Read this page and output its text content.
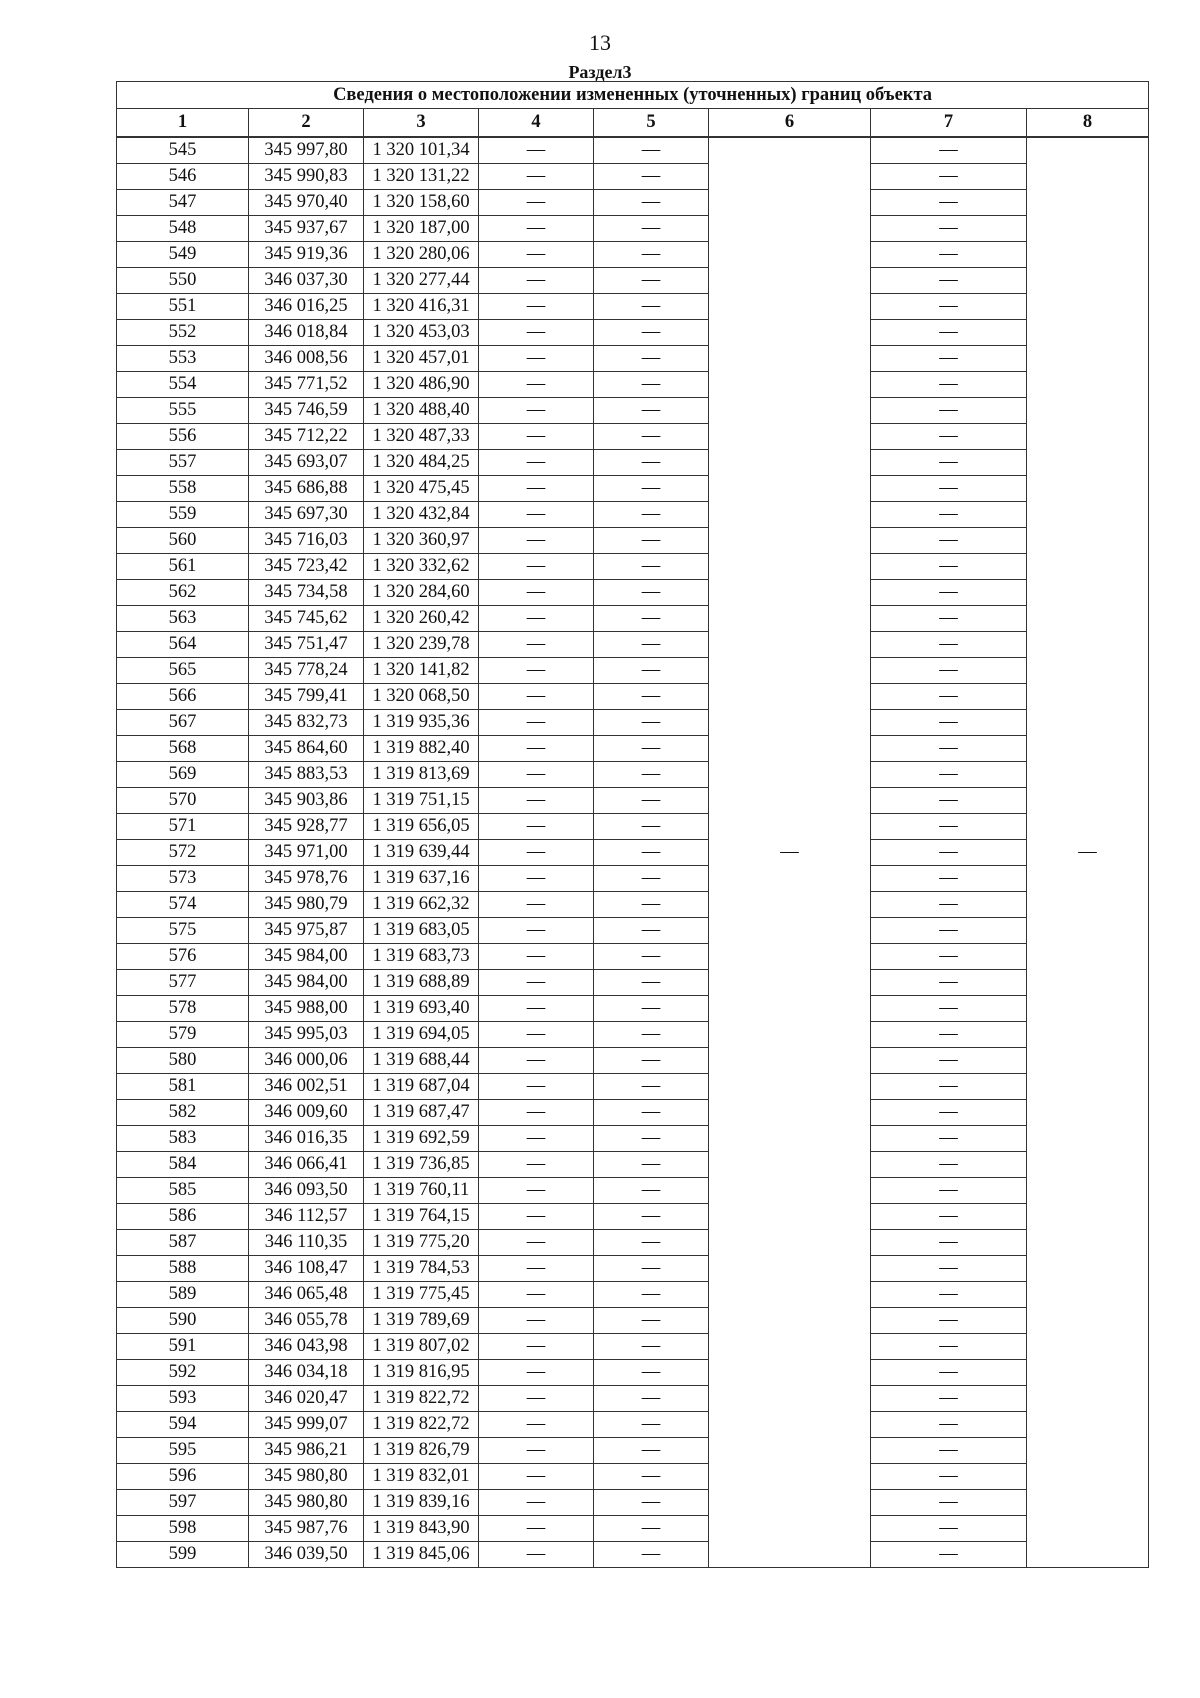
13
Раздел3
Сведения о местоположении измененных (уточненных) границ объекта							
1	2	3	4	5	6	7	8
545	345 997,80	1 320 101,34	—	—	—	—	—
546	345 990,83	1 320 131,22	—	—		—	
547	345 970,40	1 320 158,60	—	—		—	
548	345 937,67	1 320 187,00	—	—		—	
549	345 919,36	1 320 280,06	—	—		—	
550	346 037,30	1 320 277,44	—	—		—	
551	346 016,25	1 320 416,31	—	—		—	
552	346 018,84	1 320 453,03	—	—		—	
553	346 008,56	1 320 457,01	—	—		—	
554	345 771,52	1 320 486,90	—	—		—	
555	345 746,59	1 320 488,40	—	—		—	
556	345 712,22	1 320 487,33	—	—		—	
557	345 693,07	1 320 484,25	—	—		—	
558	345 686,88	1 320 475,45	—	—		—	
559	345 697,30	1 320 432,84	—	—		—	
560	345 716,03	1 320 360,97	—	—		—	
561	345 723,42	1 320 332,62	—	—		—	
562	345 734,58	1 320 284,60	—	—		—	
563	345 745,62	1 320 260,42	—	—		—	
564	345 751,47	1 320 239,78	—	—		—	
565	345 778,24	1 320 141,82	—	—		—	
566	345 799,41	1 320 068,50	—	—		—	
567	345 832,73	1 319 935,36	—	—		—	
568	345 864,60	1 319 882,40	—	—		—	
569	345 883,53	1 319 813,69	—	—		—	
570	345 903,86	1 319 751,15	—	—		—	
571	345 928,77	1 319 656,05	—	—		—	
572	345 971,00	1 319 639,44	—	—		—	
573	345 978,76	1 319 637,16	—	—		—	
574	345 980,79	1 319 662,32	—	—		—	
575	345 975,87	1 319 683,05	—	—		—	
576	345 984,00	1 319 683,73	—	—		—	
577	345 984,00	1 319 688,89	—	—		—	
578	345 988,00	1 319 693,40	—	—		—	
579	345 995,03	1 319 694,05	—	—		—	
580	346 000,06	1 319 688,44	—	—		—	
581	346 002,51	1 319 687,04	—	—		—	
582	346 009,60	1 319 687,47	—	—		—	
583	346 016,35	1 319 692,59	—	—		—	
584	346 066,41	1 319 736,85	—	—		—	
585	346 093,50	1 319 760,11	—	—		—	
586	346 112,57	1 319 764,15	—	—		—	
587	346 110,35	1 319 775,20	—	—		—	
588	346 108,47	1 319 784,53	—	—		—	
589	346 065,48	1 319 775,45	—	—		—	
590	346 055,78	1 319 789,69	—	—		—	
591	346 043,98	1 319 807,02	—	—		—	
592	346 034,18	1 319 816,95	—	—		—	
593	346 020,47	1 319 822,72	—	—		—	
594	345 999,07	1 319 822,72	—	—		—	
595	345 986,21	1 319 826,79	—	—		—	
596	345 980,80	1 319 832,01	—	—		—	
597	345 980,80	1 319 839,16	—	—		—	
598	345 987,76	1 319 843,90	—	—		—	
599	346 039,50	1 319 845,06	—	—		—	
